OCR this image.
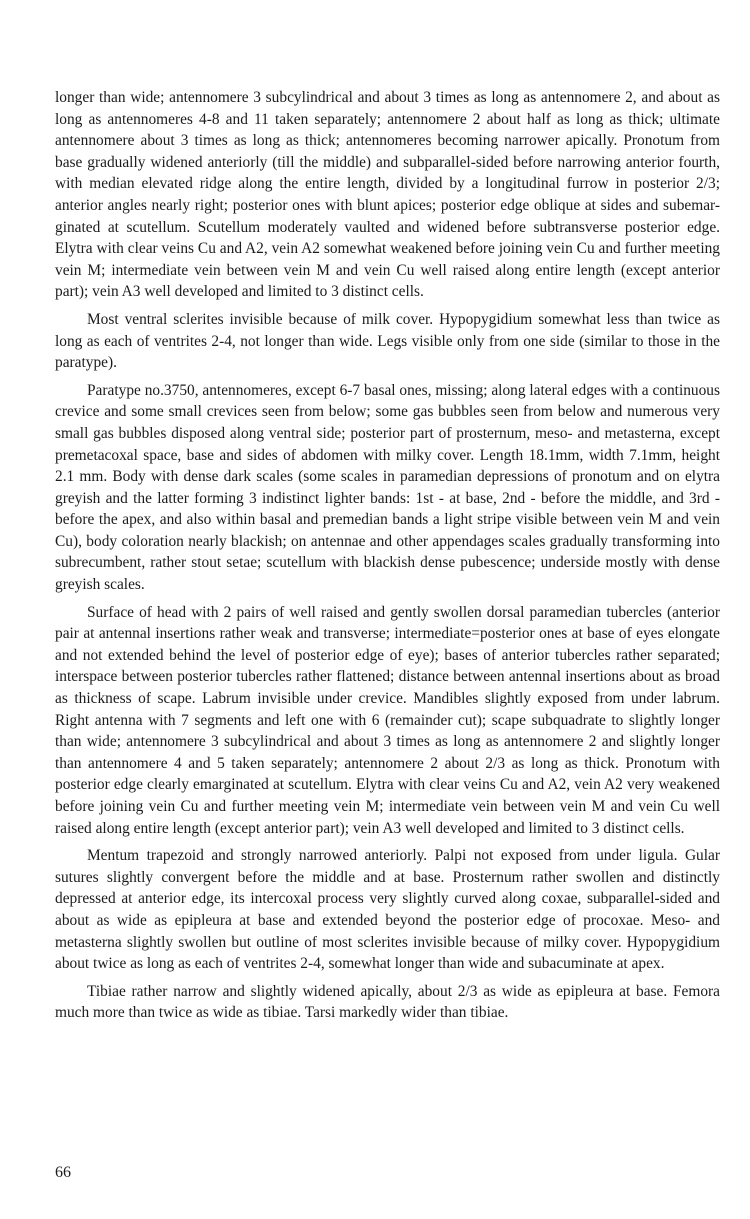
longer than wide; antennomere 3 subcylindrical and about 3 times as long as antennomere 2, and about as long as antennomeres 4-8 and 11 taken separately; antennomere 2 about half as long as thick; ultimate antennomere about 3 times as long as thick; antennomeres becoming narrower apically. Pronotum from base gradually widened anteriorly (till the middle) and subparallel-sided before narrowing anterior fourth, with median elevated ridge along the entire length, divided by a longitudinal furrow in posterior 2/3; anterior angles nearly right; posterior ones with blunt apices; posterior edge oblique at sides and subemar-ginated at scutellum. Scutellum moderately vaulted and widened before subtransverse posterior edge. Elytra with clear veins Cu and A2, vein A2 somewhat weakened before joining vein Cu and further meeting vein M; intermediate vein between vein M and vein Cu well raised along entire length (except anterior part); vein A3 well developed and limited to 3 distinct cells.

Most ventral sclerites invisible because of milk cover. Hypopygidium somewhat less than twice as long as each of ventrites 2-4, not longer than wide. Legs visible only from one side (similar to those in the paratype).

Paratype no.3750, antennomeres, except 6-7 basal ones, missing; along lateral edges with a continuous crevice and some small crevices seen from below; some gas bubbles seen from below and numerous very small gas bubbles disposed along ventral side; posterior part of prosternum, meso- and metasterna, except premetacoxal space, base and sides of abdomen with milky cover. Length 18.1mm, width 7.1mm, height 2.1 mm. Body with dense dark scales (some scales in paramedian depressions of pronotum and on elytra greyish and the latter forming 3 indistinct lighter bands: 1st - at base, 2nd - before the middle, and 3rd - before the apex, and also within basal and premedian bands a light stripe visible between vein M and vein Cu), body coloration nearly blackish; on antennae and other appendages scales gradually transforming into subrecumbent, rather stout setae; scutellum with blackish dense pubescence; underside mostly with dense greyish scales.

Surface of head with 2 pairs of well raised and gently swollen dorsal paramedian tubercles (anterior pair at antennal insertions rather weak and transverse; intermediate=posterior ones at base of eyes elongate and not extended behind the level of posterior edge of eye); bases of anterior tubercles rather separated; interspace between posterior tubercles rather flattened; distance between antennal insertions about as broad as thickness of scape. Labrum invisible under crevice. Mandibles slightly exposed from under labrum. Right antenna with 7 segments and left one with 6 (remainder cut); scape subquadrate to slightly longer than wide; antennomere 3 subcylindrical and about 3 times as long as antennomere 2 and slightly longer than antennomere 4 and 5 taken separately; antennomere 2 about 2/3 as long as thick. Pronotum with posterior edge clearly emarginated at scutellum. Elytra with clear veins Cu and A2, vein A2 very weakened before joining vein Cu and further meeting vein M; intermediate vein between vein M and vein Cu well raised along entire length (except anterior part); vein A3 well developed and limited to 3 distinct cells.

Mentum trapezoid and strongly narrowed anteriorly. Palpi not exposed from under ligula. Gular sutures slightly convergent before the middle and at base. Prosternum rather swollen and distinctly depressed at anterior edge, its intercoxal process very slightly curved along coxae, subparallel-sided and about as wide as epipleura at base and extended beyond the posterior edge of procoxae. Meso- and metasterna slightly swollen but outline of most sclerites invisible because of milky cover. Hypopygidium about twice as long as each of ventrites 2-4, somewhat longer than wide and subacuminate at apex.

Tibiae rather narrow and slightly widened apically, about 2/3 as wide as epipleura at base. Femora much more than twice as wide as tibiae. Tarsi markedly wider than tibiae.

66
